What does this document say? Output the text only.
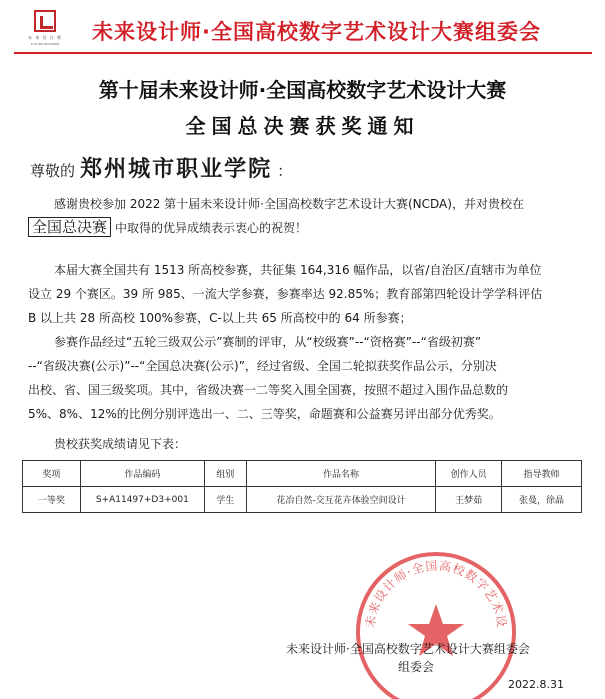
未 来 设 计 师
FUTURE DESIGNER	未来设计师·全国高校数字艺术设计大赛组委会
第十届未来设计师·全国高校数字艺术设计大赛
全国总决赛获奖通知
尊敬的 郑州城市职业学院 ：
感谢贵校参加 2022 第十届未来设计师·全国高校数字艺术设计大赛(NCDA)，并对贵校在
全国总决赛 中取得的优异成绩表示衷心的祝贺！
本届大赛全国共有 1513 所高校参赛，共征集 164,316 幅作品，以省/自治区/直辖市为单位
设立 29 个赛区。39 所 985、一流大学参赛，参赛率达 92.85%；教育部第四轮设计学学科评估
B 以上共 28 所高校 100%参赛，C-以上共 65 所高校中的 64 所参赛；
参赛作品经过“五轮三级双公示”赛制的评审，从“校级赛”--“资格赛”--“省级初赛”
--“省级决赛(公示)”--“全国总决赛(公示)”，经过省级、全国二轮拟获奖作品公示，分别决
出校、省、国三级奖项。其中，省级决赛一二等奖入围全国赛，按照不超过入围作品总数的
5%、8%、12%的比例分别评选出一、二、三等奖，命题赛和公益赛另评出部分优秀奖。
贵校获奖成绩请见下表：
奖项	作品编码	组别	作品名称	创作人员	指导教师
一等奖	S+A11497+D3+001	学生	花冶自然-交互花卉体验空间设计	王梦茹	张曼，徐晶
未来设计师·全国高校数字艺术设计大赛
未来设计师·全国高校数字艺术设计大赛组委会
组委会
2022.8.31
